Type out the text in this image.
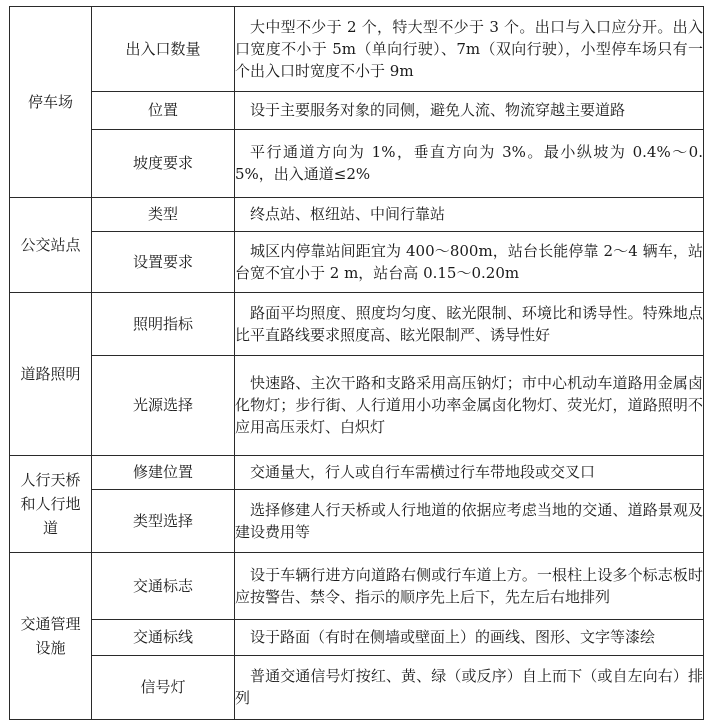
停车场	出入口数量	大中型不少于 2 个，特大型不少于 3 个。出口与入口应分开。出入口宽度不小于 5m（单向行驶）、7m（双向行驶），小型停车场只有一个出入口时宽度不小于 9m
	位置	设于主要服务对象的同侧，避免人流、物流穿越主要道路
	坡度要求	平行通道方向为 1%，垂直方向为 3%。最小纵坡为 0.4%～0.5%，出入通道≤2%
公交站点	类型	终点站、枢纽站、中间行靠站
	设置要求	城区内停靠站间距宜为 400～800m，站台长能停靠 2～4 辆车，站台宽不宜小于 2 m，站台高 0.15～0.20m
道路照明	照明指标	路面平均照度、照度均匀度、眩光限制、环境比和诱导性。特殊地点比平直路线要求照度高、眩光限制严、诱导性好
	光源选择	快速路、主次干路和支路采用高压钠灯；市中心机动车道路用金属卤化物灯；步行街、人行道用小功率金属卤化物灯、荧光灯，道路照明不应用高压汞灯、白炽灯
人行天桥和人行地道	修建位置	交通量大，行人或自行车需横过行车带地段或交叉口
	类型选择	选择修建人行天桥或人行地道的依据应考虑当地的交通、道路景观及建设费用等
交通管理设施	交通标志	设于车辆行进方向道路右侧或行车道上方。一根柱上设多个标志板时应按警告、禁令、指示的顺序先上后下，先左后右地排列
	交通标线	设于路面（有时在侧墙或壁面上）的画线、图形、文字等漆绘
	信号灯	普通交通信号灯按红、黄、绿（或反序）自上而下（或自左向右）排列
